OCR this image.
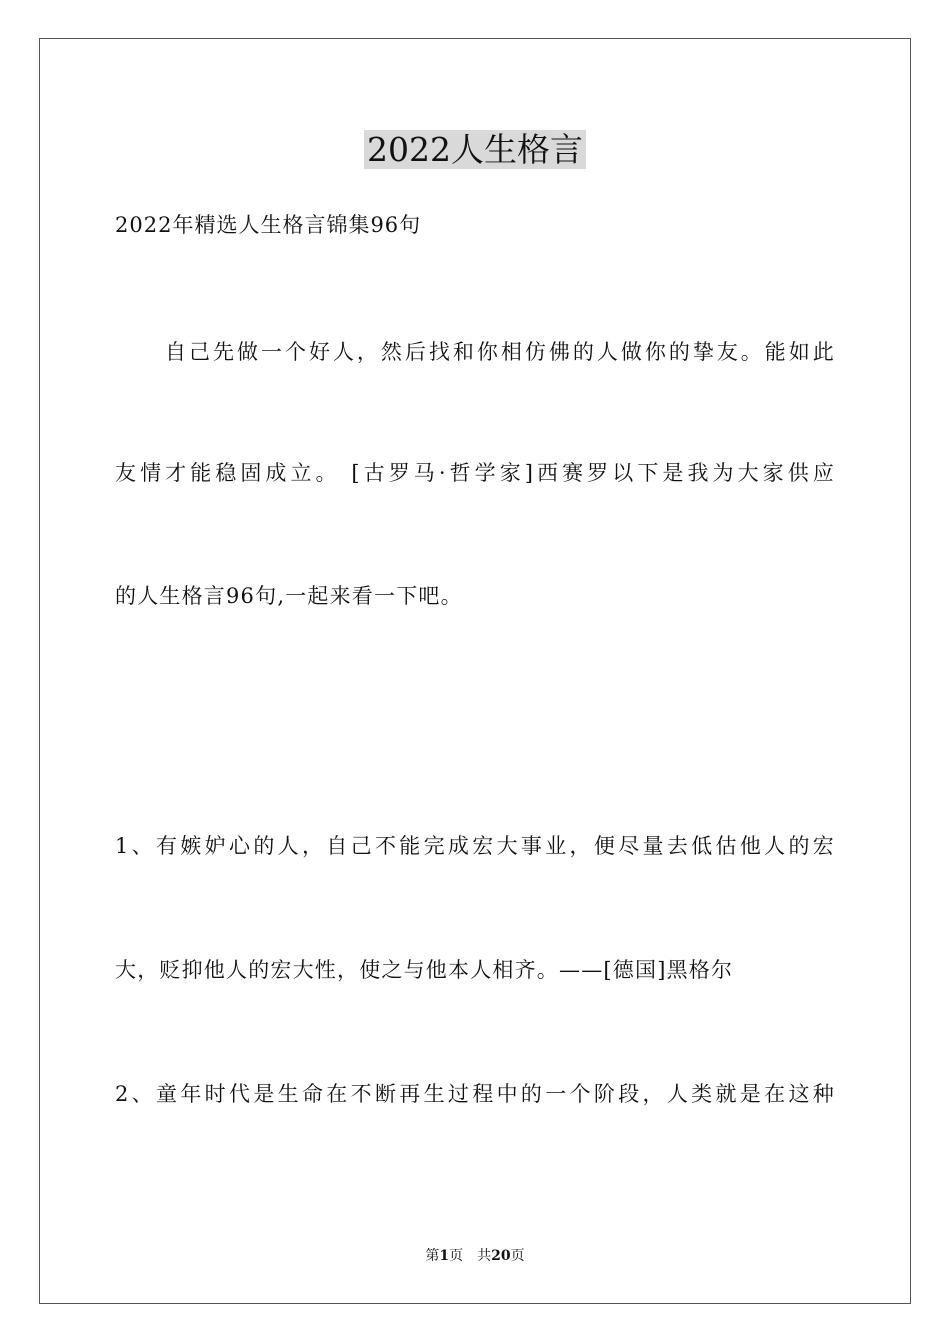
2022人生格言
2022年精选人生格言锦集96句
自己先做一个好人，然后找和你相仿佛的人做你的挚友。能如此
友情才能稳固成立。 [古罗马·哲学家]西赛罗以下是我为大家供应
的人生格言96句,一起来看一下吧。
1、有嫉妒心的人，自己不能完成宏大事业，便尽量去低估他人的宏
大，贬抑他人的宏大性，使之与他本人相齐。——[德国]黑格尔
2、童年时代是生命在不断再生过程中的一个阶段，人类就是在这种
第1页　共20页
